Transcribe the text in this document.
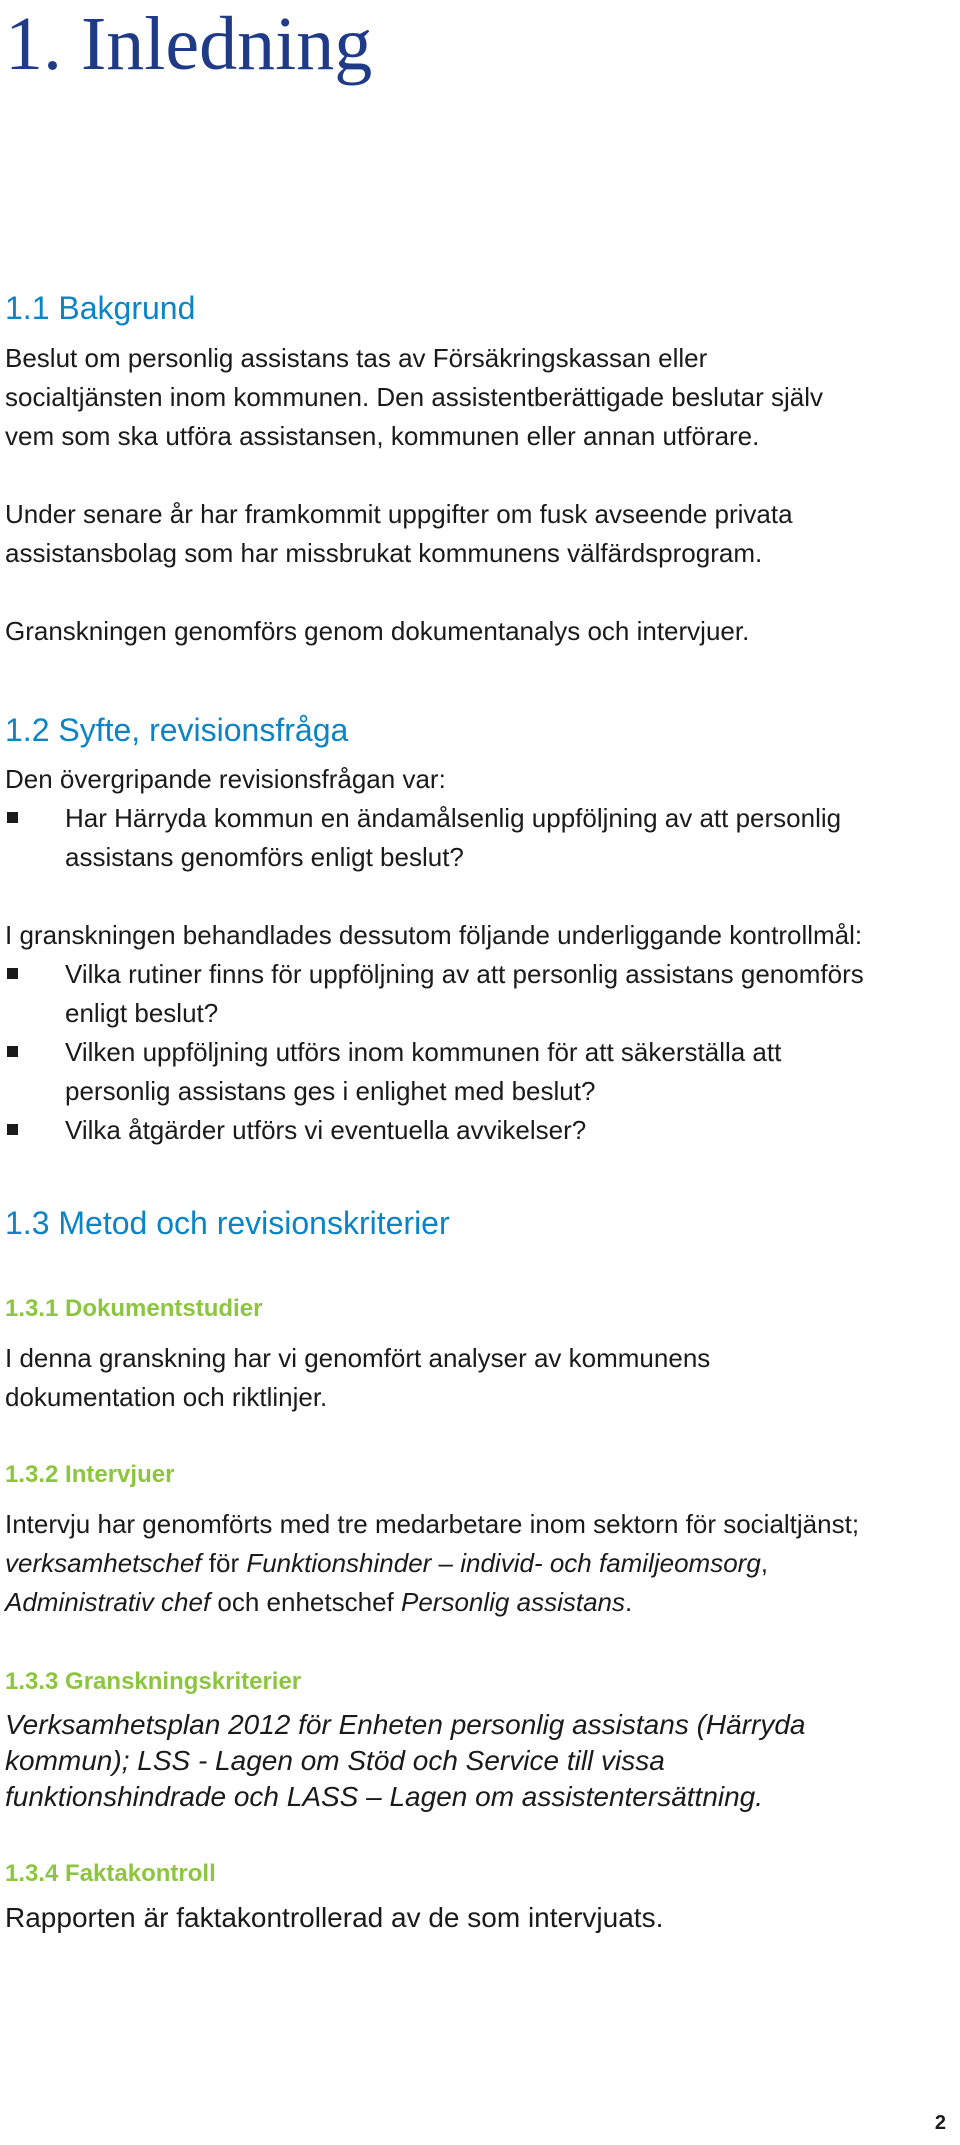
1. Inledning
1.1 Bakgrund
Beslut om personlig assistans tas av Försäkringskassan eller
socialtjänsten inom kommunen. Den assistentberättigade beslutar själv
vem som ska utföra assistansen, kommunen eller annan utförare.
Under senare år har framkommit uppgifter om fusk avseende privata
assistansbolag som har missbrukat kommunens välfärdsprogram.
Granskningen genomförs genom dokumentanalys och intervjuer.
1.2 Syfte, revisionsfråga
Den övergripande revisionsfrågan var:
Har Härryda kommun en ändamålsenlig uppföljning av att personlig
assistans genomförs enligt beslut?
I granskningen behandlades dessutom följande underliggande kontrollmål:
Vilka rutiner finns för uppföljning av att personlig assistans genomförs
enligt beslut?
Vilken uppföljning utförs inom kommunen för att säkerställa att
personlig assistans ges i enlighet med beslut?
Vilka åtgärder utförs vi eventuella avvikelser?
1.3 Metod och revisionskriterier
1.3.1 Dokumentstudier
I denna granskning har vi genomfört analyser av kommunens
dokumentation och riktlinjer.
1.3.2 Intervjuer
Intervju har genomförts med tre medarbetare inom sektorn för socialtjänst;
verksamhetschef för Funktionshinder – individ- och familjeomsorg,
Administrativ chef och enhetschef Personlig assistans.
1.3.3 Granskningskriterier
Verksamhetsplan 2012 för Enheten personlig assistans (Härryda
kommun); LSS - Lagen om Stöd och Service till vissa
funktionshindrade och LASS – Lagen om assistentersättning.
1.3.4 Faktakontroll
Rapporten är faktakontrollerad av de som intervjuats.
2
